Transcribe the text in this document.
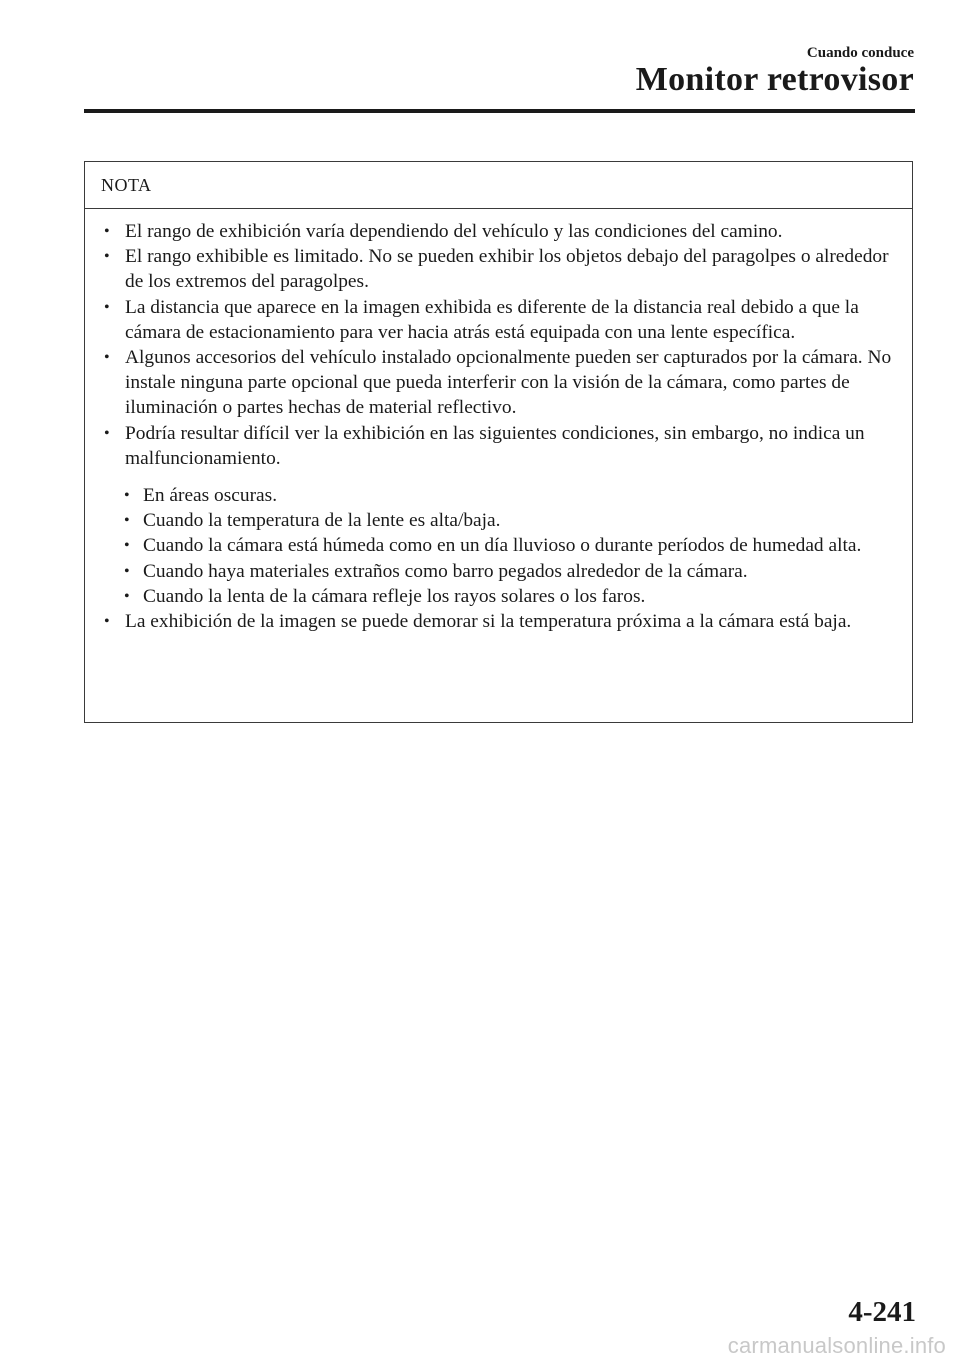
Cuando conduce
Monitor retrovisor
NOTA
• El rango de exhibición varía dependiendo del vehículo y las condiciones del camino.
• El rango exhibible es limitado. No se pueden exhibir los objetos debajo del paragolpes o alrededor de los extremos del paragolpes.
• La distancia que aparece en la imagen exhibida es diferente de la distancia real debido a que la cámara de estacionamiento para ver hacia atrás está equipada con una lente específica.
• Algunos accesorios del vehículo instalado opcionalmente pueden ser capturados por la cámara. No instale ninguna parte opcional que pueda interferir con la visión de la cámara, como partes de iluminación o partes hechas de material reflectivo.
• Podría resultar difícil ver la exhibición en las siguientes condiciones, sin embargo, no indica un malfuncionamiento.
• En áreas oscuras.
• Cuando la temperatura de la lente es alta/baja.
• Cuando la cámara está húmeda como en un día lluvioso o durante períodos de humedad alta.
• Cuando haya materiales extraños como barro pegados alrededor de la cámara.
• Cuando la lenta de la cámara refleje los rayos solares o los faros.
• La exhibición de la imagen se puede demorar si la temperatura próxima a la cámara está baja.
4-241
carmanualsonline.info
